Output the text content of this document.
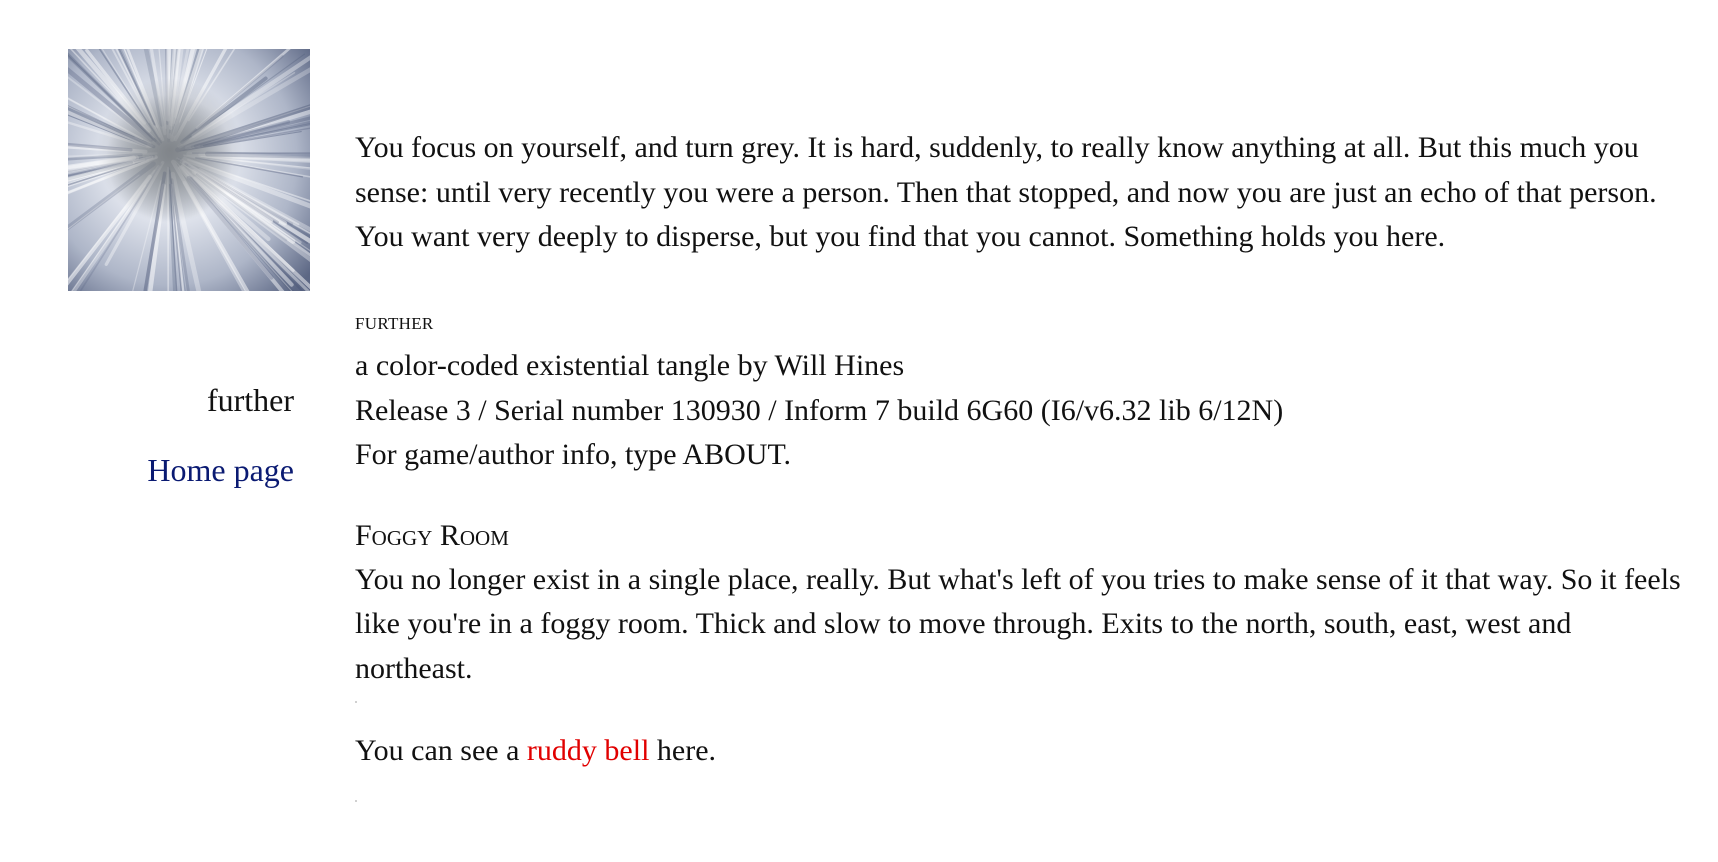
further
Home page

You focus on yourself, and turn grey. It is hard, suddenly, to really know anything at all. But this much you sense: until very recently you were a person. Then that stopped, and now you are just an echo of that person. You want very deeply to disperse, but you find that you cannot. Something holds you here.

further

a color-coded existential tangle by Will Hines

Release 3 / Serial number 130930 / Inform 7 build 6G60 (I6/v6.32 lib 6/12N)

For game/author info, type ABOUT.

Foggy Room

You no longer exist in a single place, really. But what's left of you tries to make sense of it that way. So it feels like you're in a foggy room. Thick and slow to move through. Exits to the north, south, east, west and northeast.

You can see a ruddy bell here.
